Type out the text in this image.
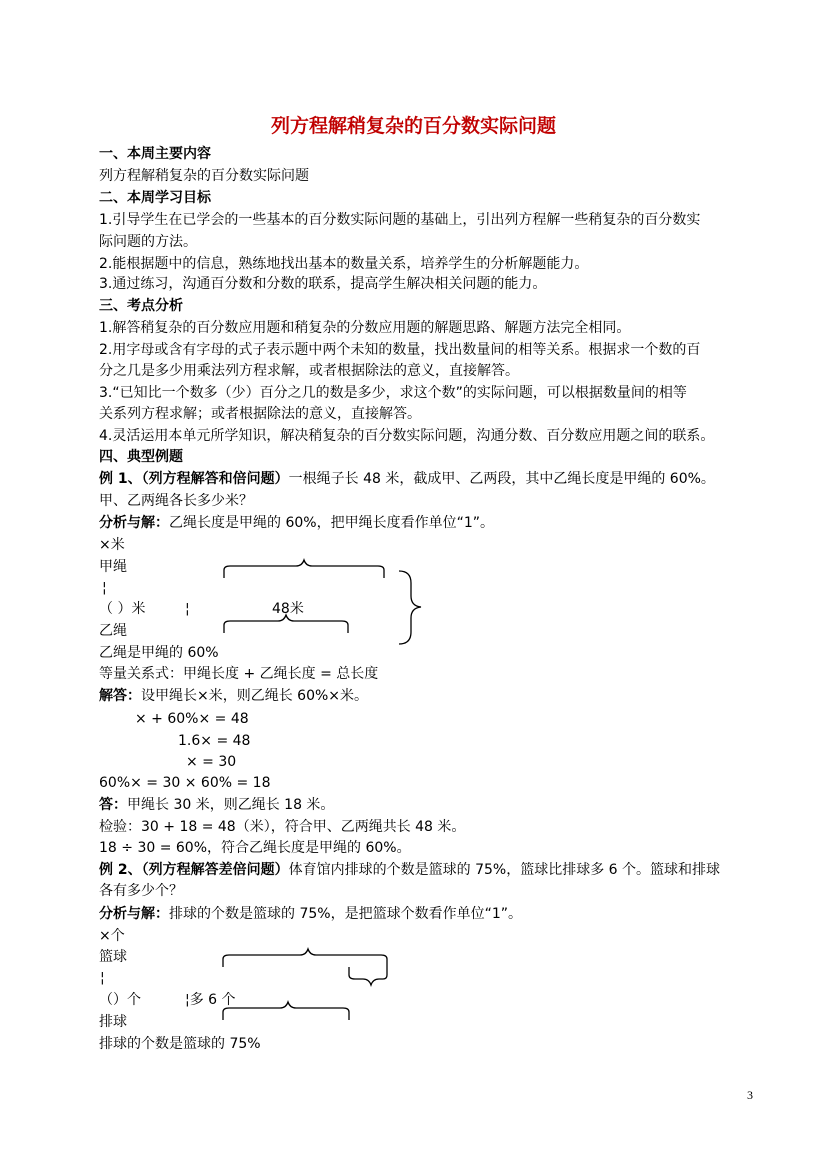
列方程解稍复杂的百分数实际问题
一、本周主要内容
列方程解稍复杂的百分数实际问题
二、本周学习目标
1.引导学生在已学会的一些基本的百分数实际问题的基础上，引出列方程解一些稍复杂的百分数实
际问题的方法。
2.能根据题中的信息，熟练地找出基本的数量关系，培养学生的分析解题能力。
3.通过练习，沟通百分数和分数的联系，提高学生解决相关问题的能力。
三、考点分析
1.解答稍复杂的百分数应用题和稍复杂的分数应用题的解题思路、解题方法完全相同。
2.用字母或含有字母的式子表示题中两个未知的数量，找出数量间的相等关系。根据求一个数的百
分之几是多少用乘法列方程求解，或者根据除法的意义，直接解答。
3.“已知比一个数多（少）百分之几的数是多少，求这个数”的实际问题，可以根据数量间的相等
关系列方程求解；或者根据除法的意义，直接解答。
4.灵活运用本单元所学知识，解决稍复杂的百分数实际问题，沟通分数、百分数应用题之间的联系。
四、典型例题
例 1、（列方程解答和倍问题）一根绳子长 48 米，截成甲、乙两段，其中乙绳长度是甲绳的 60%。
甲、乙两绳各长多少米？
分析与解：乙绳长度是甲绳的 60%，把甲绳长度看作单位“1”。
×米
甲绳
¦
（ ）米	¦	48米
乙绳
乙绳是甲绳的 60%
等量关系式：甲绳长度 + 乙绳长度 = 总长度
解答：设甲绳长×米，则乙绳长 60%×米。
× + 60%× = 48
1.6× = 48
× = 30
60%× = 30 × 60% = 18
答：甲绳长 30 米，则乙绳长 18 米。
检验：30 + 18 = 48（米），符合甲、乙两绳共长 48 米。
18 ÷ 30 = 60%，符合乙绳长度是甲绳的 60%。
例 2、（列方程解答差倍问题）体育馆内排球的个数是篮球的 75%，篮球比排球多 6 个。篮球和排球
各有多少个？
分析与解：排球的个数是篮球的 75%，是把篮球个数看作单位“1”。
×个
篮球
¦
（）个	¦多 6 个
排球
排球的个数是篮球的 75%
3
